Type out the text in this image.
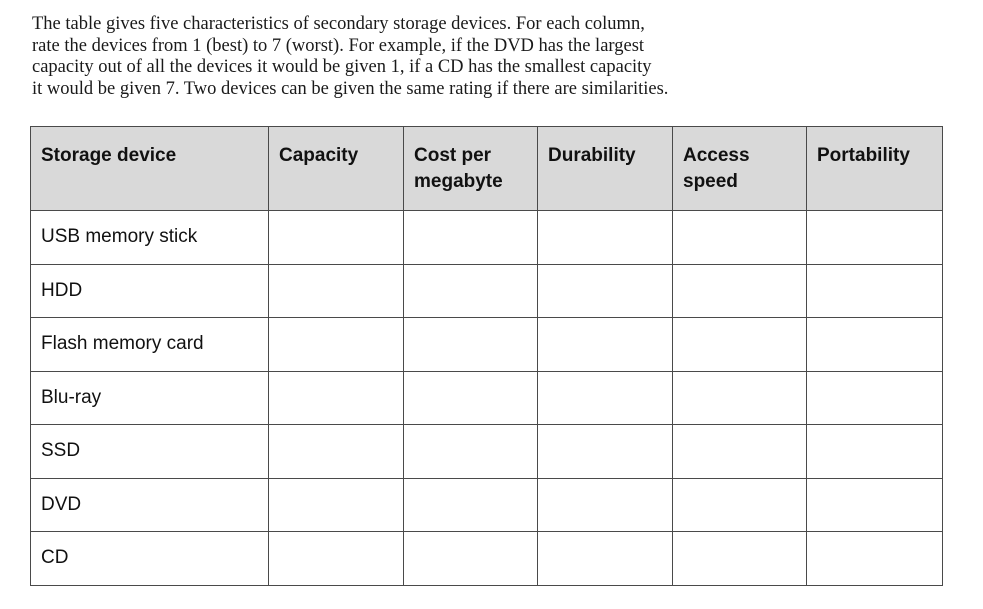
The table gives five characteristics of secondary storage devices. For each column,
rate the devices from 1 (best) to 7 (worst). For example, if the DVD has the largest
capacity out of all the devices it would be given 1, if a CD has the smallest capacity
it would be given 7. Two devices can be given the same rating if there are similarities.
Storage device	Capacity	Cost per megabyte	Durability	Access speed	Portability
USB memory stick					
HDD					
Flash memory card					
Blu-ray					
SSD					
DVD					
CD					
